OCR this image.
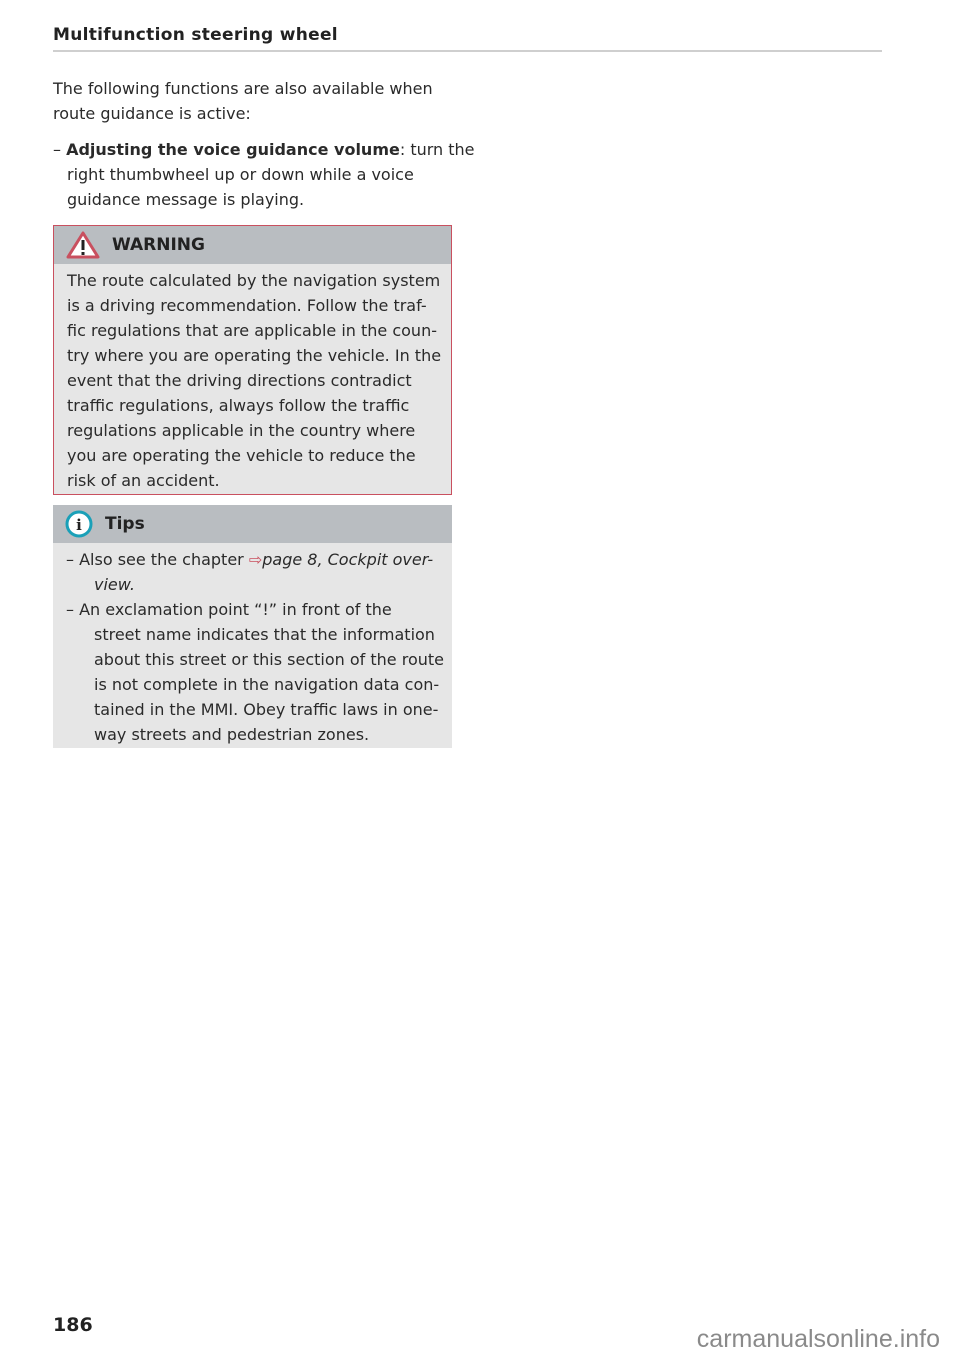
Multifunction steering wheel
The following functions are also available when
route guidance is active:
– Adjusting the voice guidance volume: turn the
right thumbwheel up or down while a voice
guidance message is playing.
WARNING
The route calculated by the navigation system
is a driving recommendation. Follow the traf-
fic regulations that are applicable in the coun-
try where you are operating the vehicle. In the
event that the driving directions contradict
traffic regulations, always follow the traffic
regulations applicable in the country where
you are operating the vehicle to reduce the
risk of an accident.
i Tips
– Also see the chapter ⇨page 8, Cockpit over-
view.
– An exclamation point “!” in front of the
street name indicates that the information
about this street or this section of the route
is not complete in the navigation data con-
tained in the MMI. Obey traffic laws in one-
way streets and pedestrian zones.
186	carmanualsonline.info
